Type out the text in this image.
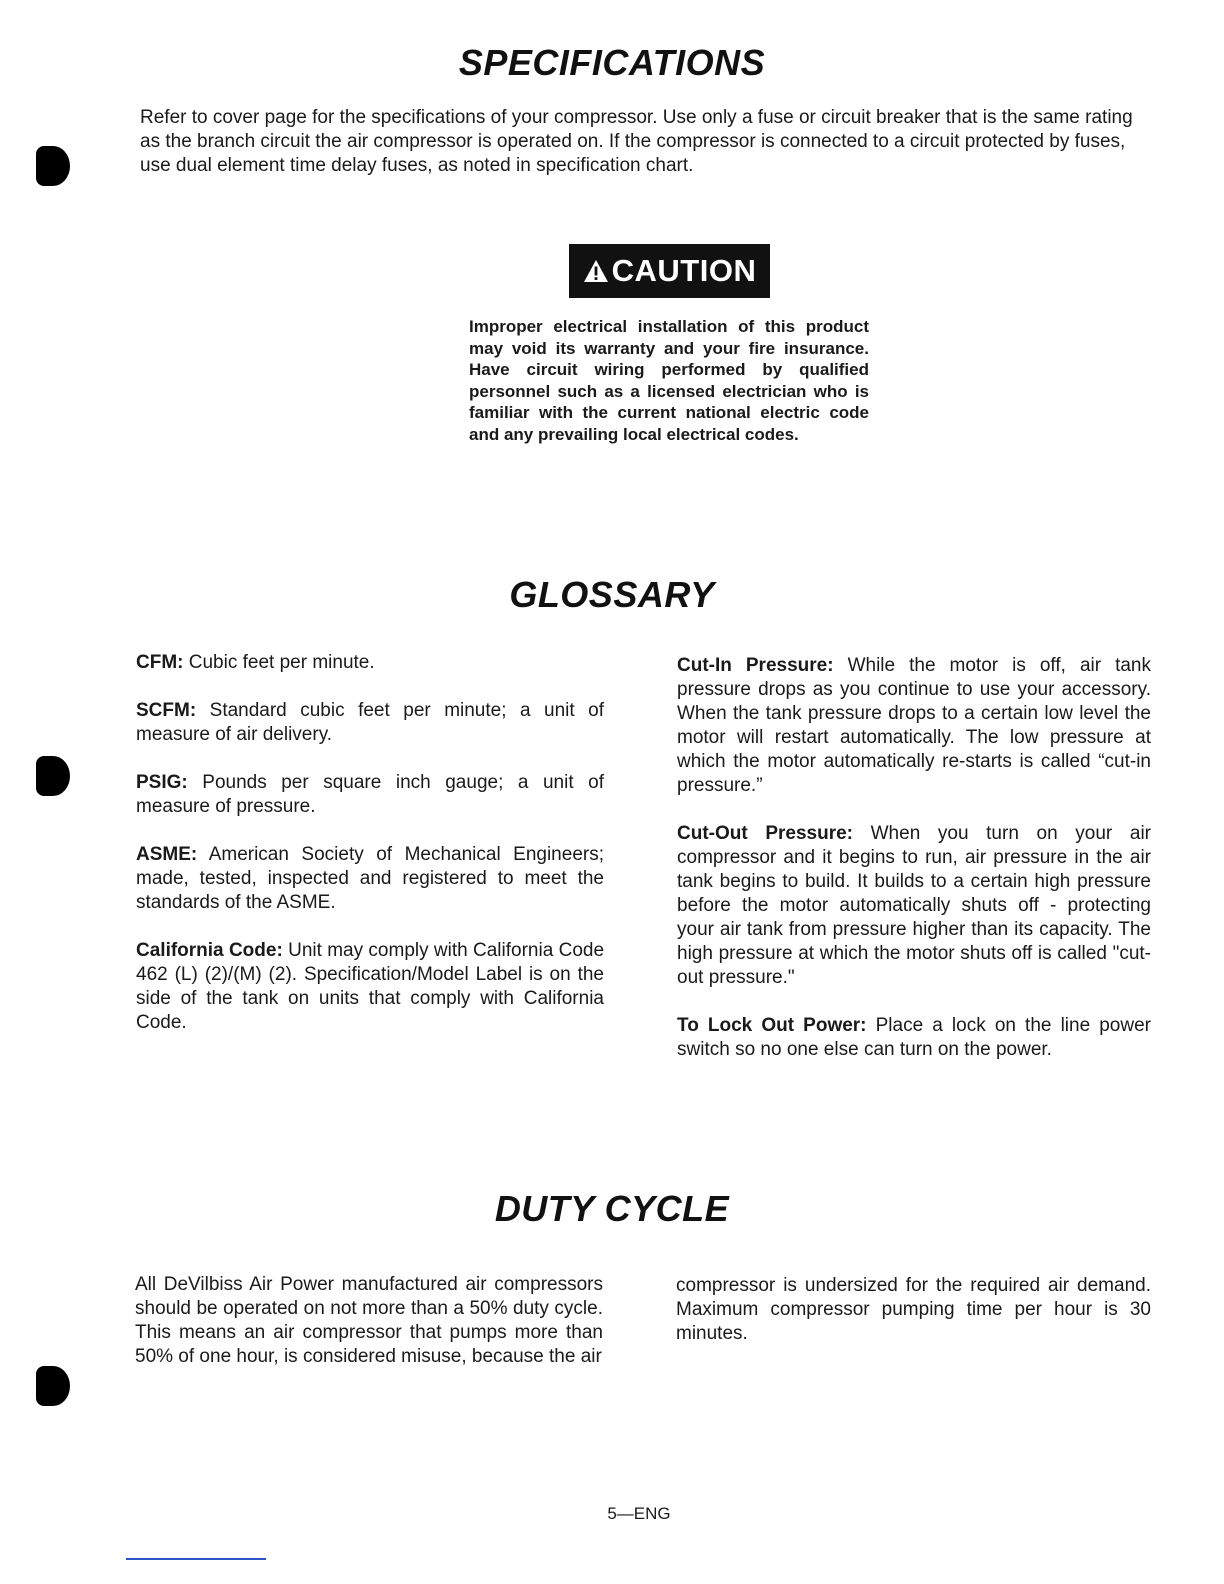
SPECIFICATIONS

Refer to cover page for the specifications of your compressor. Use only a fuse or circuit breaker that is the same rating as the branch circuit the air compressor is operated on. If the compressor is connected to a circuit protected by fuses, use dual element time delay fuses, as noted in specification chart.

CAUTION

Improper electrical installation of this product may void its warranty and your fire insurance. Have circuit wiring performed by qualified personnel such as a licensed electrician who is familiar with the current national electric code and any prevailing local electrical codes.

GLOSSARY
CFM: Cubic feet per minute.
SCFM: Standard cubic feet per minute; a unit of measure of air delivery.
PSIG: Pounds per square inch gauge; a unit of measure of pressure.
ASME: American Society of Mechanical Engineers; made, tested, inspected and registered to meet the standards of the ASME.
California Code: Unit may comply with California Code 462 (L) (2)/(M) (2). Specification/Model Label is on the side of the tank on units that comply with California Code.
Cut-In Pressure: While the motor is off, air tank pressure drops as you continue to use your accessory. When the tank pressure drops to a certain low level the motor will restart automatically. The low pressure at which the motor automatically re-starts is called “cut-in pressure.”
Cut-Out Pressure: When you turn on your air compressor and it begins to run, air pressure in the air tank begins to build. It builds to a certain high pressure before the motor automatically shuts off - protecting your air tank from pressure higher than its capacity. The high pressure at which the motor shuts off is called "cut-out pressure."
To Lock Out Power: Place a lock on the line power switch so no one else can turn on the power.
DUTY CYCLE

All DeVilbiss Air Power manufactured air compressors should be operated on not more than a 50% duty cycle. This means an air compressor that pumps more than 50% of one hour, is considered misuse, because the air

compressor is undersized for the required air demand. Maximum compressor pumping time per hour is 30 minutes.

5—ENG
